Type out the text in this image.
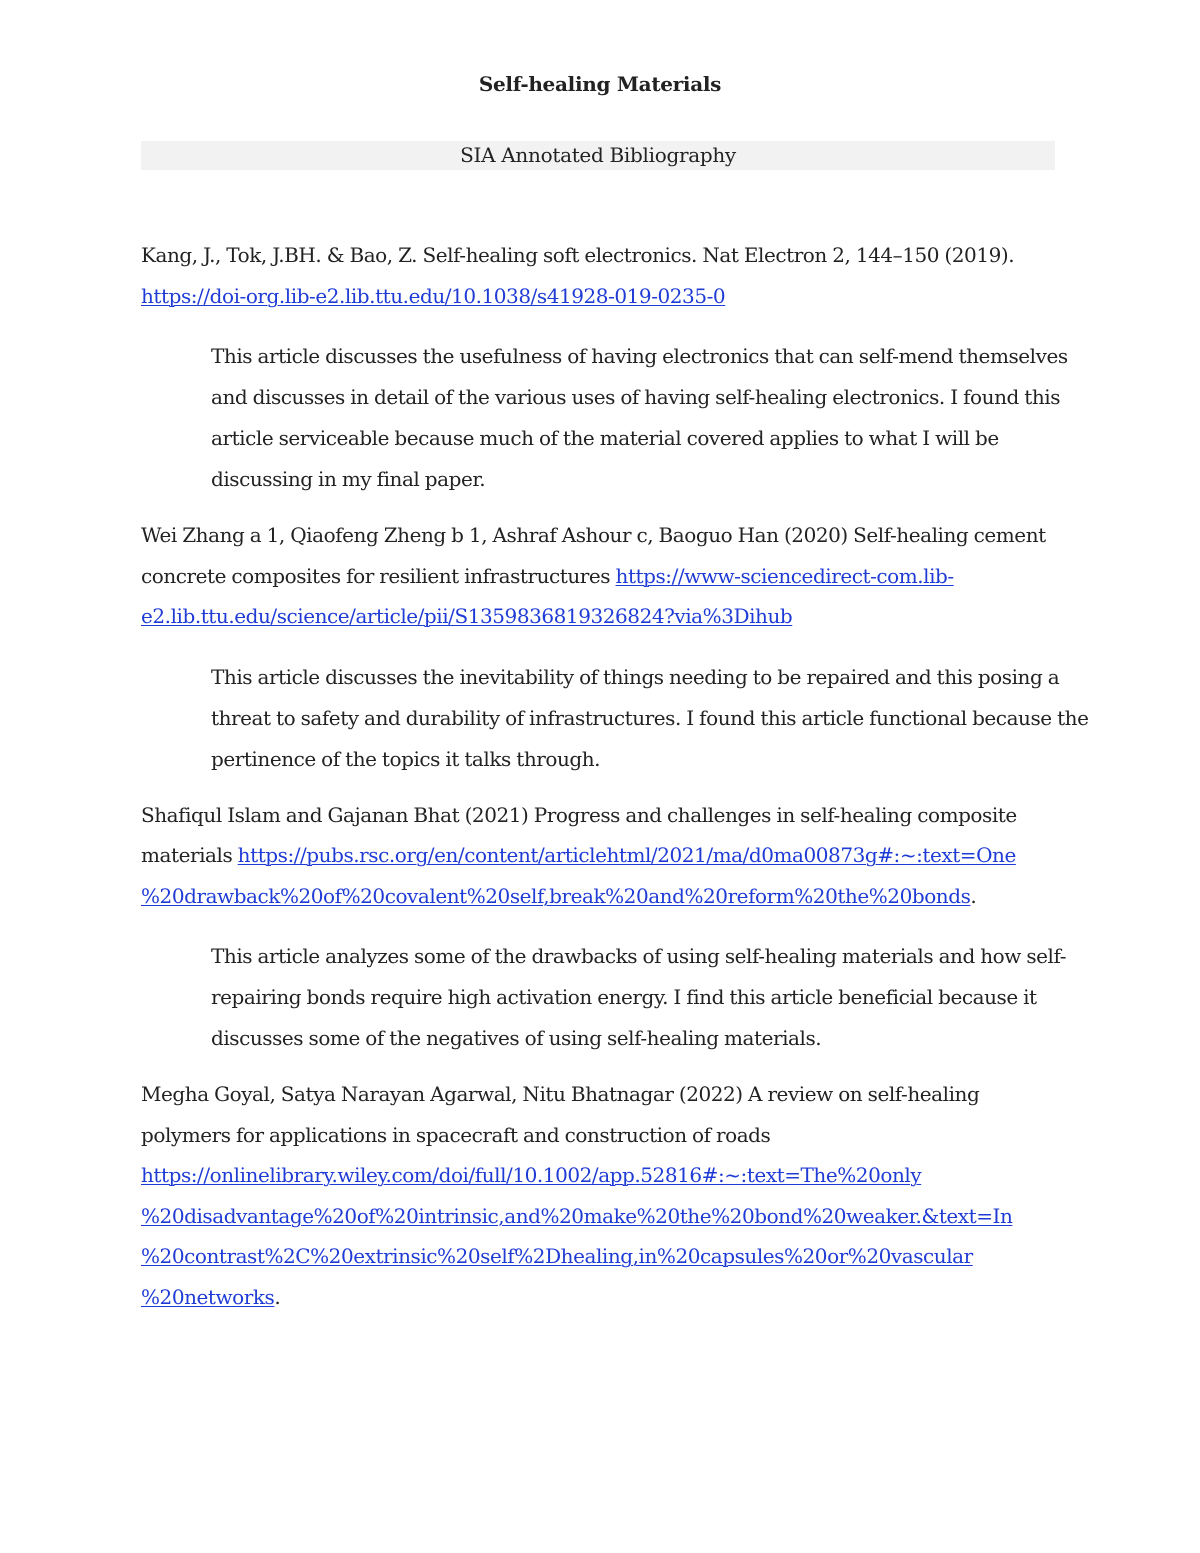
Self-healing Materials
SIA Annotated Bibliography

Kang, J., Tok, J.BH. & Bao, Z. Self-healing soft electronics. Nat Electron 2, 144–150 (2019).
https://doi-org.lib-e2.lib.ttu.edu/10.1038/s41928-019-0235-0

This article discusses the usefulness of having electronics that can self-mend themselves
and discusses in detail of the various uses of having self-healing electronics. I found this
article serviceable because much of the material covered applies to what I will be
discussing in my final paper.

Wei Zhang a 1, Qiaofeng Zheng b 1, Ashraf Ashour c, Baoguo Han (2020) Self-healing cement
concrete composites for resilient infrastructures https://www-sciencedirect-com.lib-
e2.lib.ttu.edu/science/article/pii/S1359836819326824?via%3Dihub

This article discusses the inevitability of things needing to be repaired and this posing a
threat to safety and durability of infrastructures. I found this article functional because the
pertinence of the topics it talks through.

Shafiqul Islam and Gajanan Bhat (2021) Progress and challenges in self-healing composite
materials https://pubs.rsc.org/en/content/articlehtml/2021/ma/d0ma00873g#:~:text=One
%20drawback%20of%20covalent%20self,break%20and%20reform%20the%20bonds.

This article analyzes some of the drawbacks of using self-healing materials and how self-
repairing bonds require high activation energy. I find this article beneficial because it
discusses some of the negatives of using self-healing materials.

Megha Goyal, Satya Narayan Agarwal, Nitu Bhatnagar (2022) A review on self-healing
polymers for applications in spacecraft and construction of roads
https://onlinelibrary.wiley.com/doi/full/10.1002/app.52816#:~:text=The%20only
%20disadvantage%20of%20intrinsic,and%20make%20the%20bond%20weaker.&text=In
%20contrast%2C%20extrinsic%20self%2Dhealing,in%20capsules%20or%20vascular
%20networks.
